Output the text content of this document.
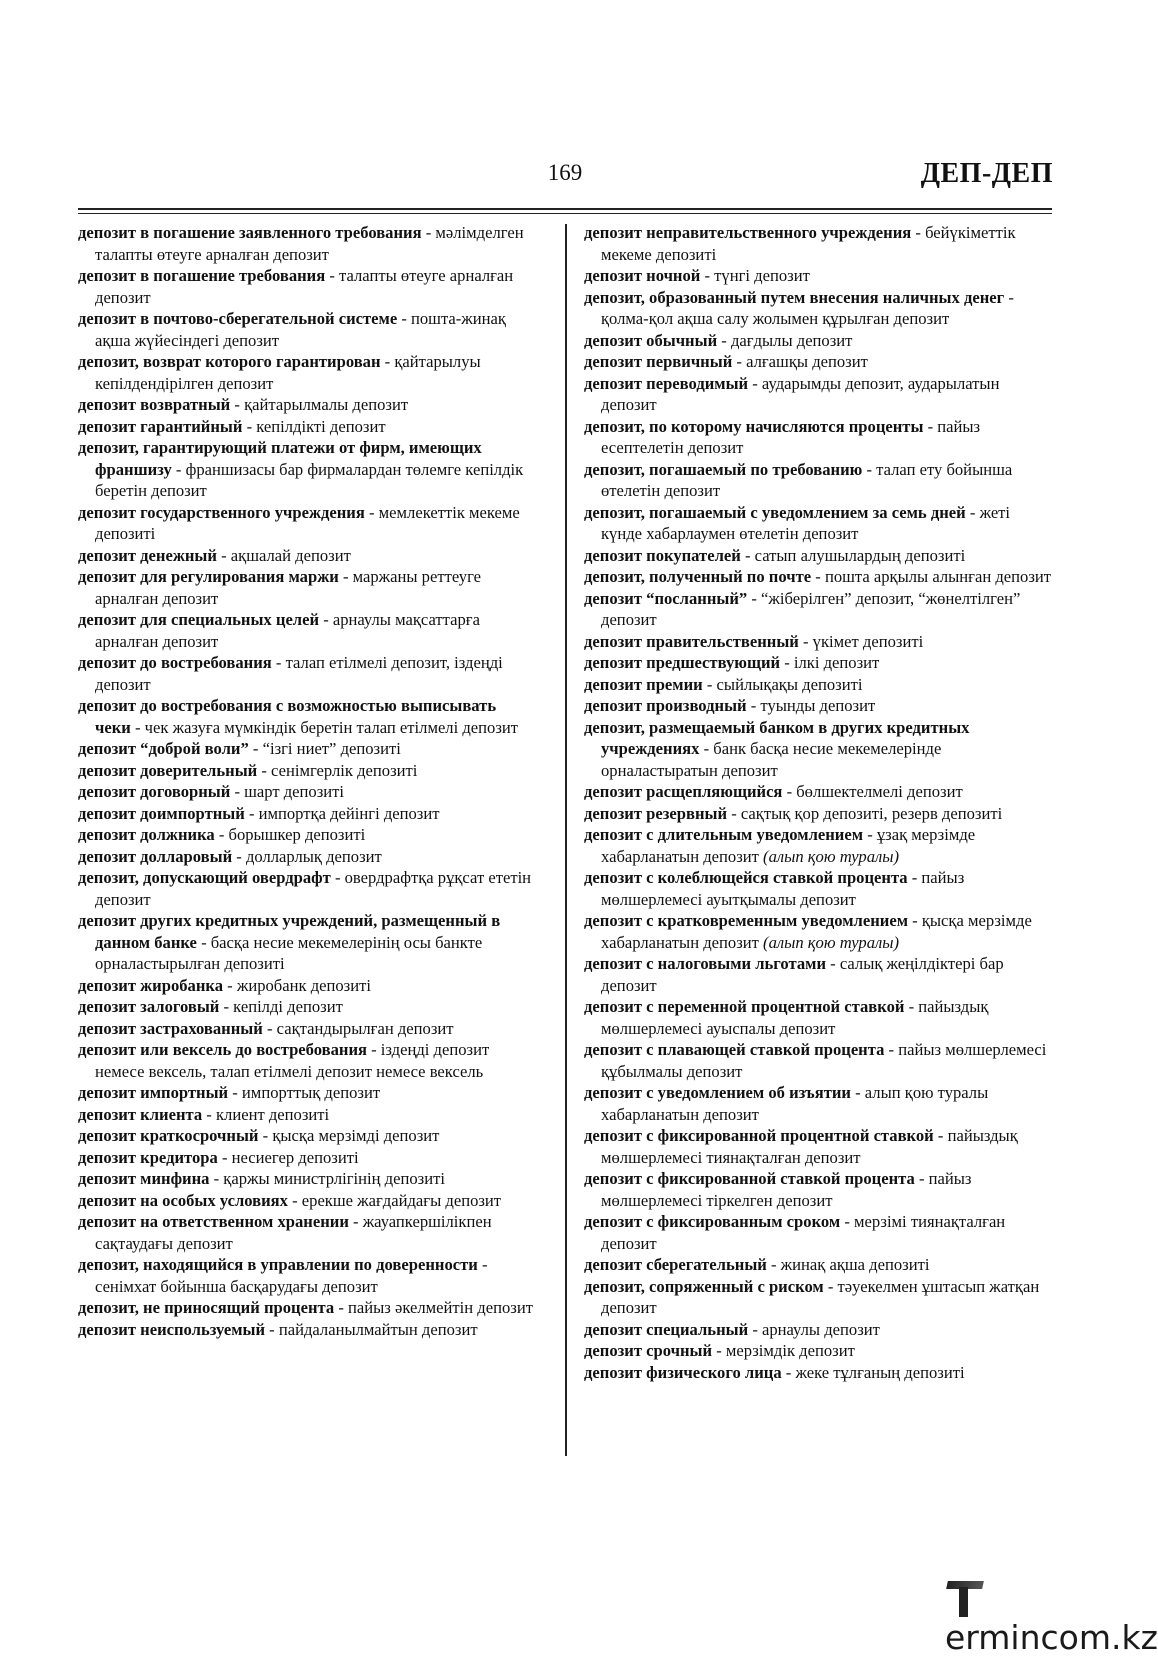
169	ДЕП-ДЕП
депозит в погашение заявленного требования - мәлімделген талапты өтеуге арналған депозит
депозит в погашение требования - талапты өтеуге арналған депозит
депозит в почтово-сберегательной системе - пошта-жинақ ақша жүйесіндегі депозит
депозит, возврат которого гарантирован - қайтарылуы кепілдендірілген депозит
депозит возвратный - қайтарылмалы депозит
депозит гарантийный - кепілдікті депозит
депозит, гарантирующий платежи от фирм, имеющих франшизу - франшизасы бар фирмалардан төлемге кепілдік беретін депозит
депозит государственного учреждения - мемлекеттік мекеме депозиті
депозит денежный - ақшалай депозит
депозит для регулирования маржи - маржаны реттеуге арналған депозит
депозит для специальных целей - арнаулы мақсаттарға арналған депозит
депозит до востребования - талап етілмелі депозит, іздеңді депозит
депозит до востребования с возможностью выписывать чеки - чек жазуға мүмкіндік беретін талап етілмелі депозит
депозит “доброй воли” - “ізгі ниет” депозиті
депозит доверительный - сенімгерлік депозиті
депозит договорный - шарт депозиті
депозит доимпортный - импортқа дейінгі депозит
депозит должника - борышкер депозиті
депозит долларовый - долларлық депозит
депозит, допускающий овердрафт - овердрафтқа рұқсат ететін депозит
депозит других кредитных учреждений, размещенный в данном банке - басқа несие мекемелерінің осы банкте орналастырылған депозиті
депозит жиробанка - жиробанк депозиті
депозит залоговый - кепілді депозит
депозит застрахованный - сақтандырылған депозит
депозит или вексель до востребования - іздеңді депозит немесе вексель, талап етілмелі депозит немесе вексель
депозит импортный - импорттық депозит
депозит клиента - клиент депозиті
депозит краткосрочный - қысқа мерзімді депозит
депозит кредитора - несиегер депозиті
депозит минфина - қаржы министрлігінің депозиті
депозит на особых условиях - ерекше жағдайдағы депозит
депозит на ответственном хранении - жауапкершілікпен сақтаудағы депозит
депозит, находящийся в управлении по доверенности - сенімхат бойынша басқарудағы депозит
депозит, не приносящий процента - пайыз әкелмейтін депозит
депозит неиспользуемый - пайдаланылмайтын депозит
депозит неправительственного учреждения - бейүкіметтік мекеме депозиті
депозит ночной - түнгі депозит
депозит, образованный путем внесения наличных денег - қолма-қол ақша салу жолымен құрылған депозит
депозит обычный - дағдылы депозит
депозит первичный - алғашқы депозит
депозит переводимый - аударымды депозит, аударылатын депозит
депозит, по которому начисляются проценты - пайыз есептелетін депозит
депозит, погашаемый по требованию - талап ету бойынша өтелетін депозит
депозит, погашаемый с уведомлением за семь дней - жеті күнде хабарлаумен өтелетін депозит
депозит покупателей - сатып алушылардың депозиті
депозит, полученный по почте - пошта арқылы алынған депозит
депозит “посланный” - “жіберілген” депозит, “жөнелтілген” депозит
депозит правительственный - үкімет депозиті
депозит предшествующий - ілкі депозит
депозит премии - сыйлықақы депозиті
депозит производный - туынды депозит
депозит, размещаемый банком в других кредитных учреждениях - банк басқа несие мекемелерінде орналастыратын депозит
депозит расщепляющийся - бөлшектелмелі депозит
депозит резервный - сақтық қор депозиті, резерв депозиті
депозит с длительным уведомлением - ұзақ мерзімде хабарланатын депозит (алып қою туралы)
депозит с колеблющейся ставкой процента - пайыз мөлшерлемесі ауытқымалы депозит
депозит с кратковременным уведомлением - қысқа мерзімде хабарланатын депозит (алып қою туралы)
депозит с налоговыми льготами - салық жеңілдіктері бар депозит
депозит с переменной процентной ставкой - пайыздық мөлшерлемесі ауыспалы депозит
депозит с плавающей ставкой процента - пайыз мөлшерлемесі құбылмалы депозит
депозит с уведомлением об изъятии - алып қою туралы хабарланатын депозит
депозит с фиксированной процентной ставкой - пайыздық мөлшерлемесі тиянақталған депозит
депозит с фиксированной ставкой процента - пайыз мөлшерлемесі тіркелген депозит
депозит с фиксированным сроком - мерзімі тиянақталған депозит
депозит сберегательный - жинақ ақша депозиті
депозит, сопряженный с риском - тәуекелмен ұштасып жатқан депозит
депозит специальный - арнаулы депозит
депозит срочный - мерзімдік депозит
депозит физического лица - жеке тұлғаның депозиті
ermincom.kz
